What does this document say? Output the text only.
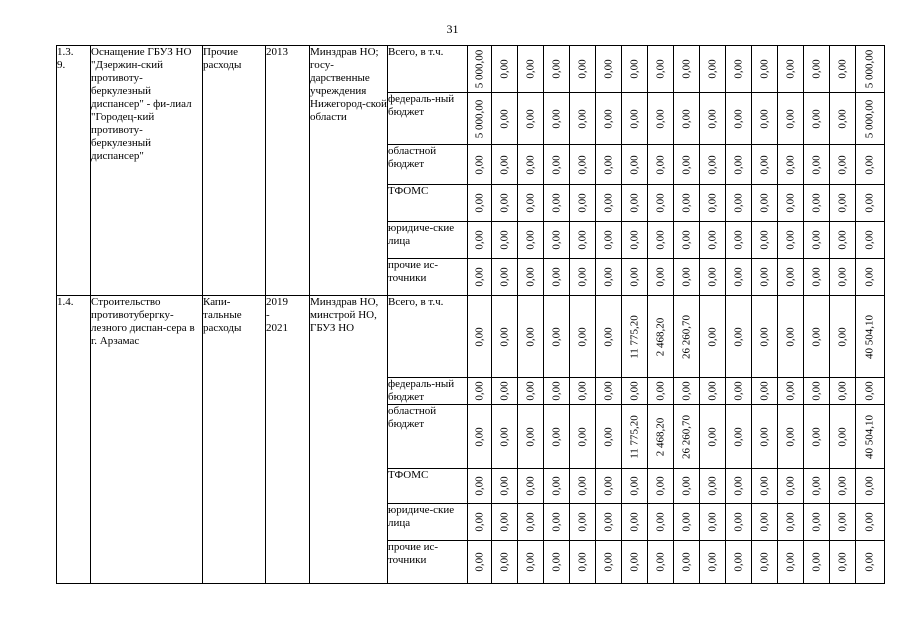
31
1.3.
9.	Оснащение ГБУЗ НО "Дзержин-ский противоту-беркулезный диспансер" - фи-лиал "Городец-кий противоту-беркулезный диспансер"	Прочие расходы	2013	Минздрав НО; госу-дарственные учреждения Нижегород-ской области	Всего, в т.ч.	5 000,00	0,00	0,00	0,00	0,00	0,00	0,00	0,00	0,00	0,00	0,00	0,00	0,00	0,00	0,00	5 000,00

					федераль-ный бюджет	5 000,00	0,00	0,00	0,00	0,00	0,00	0,00	0,00	0,00	0,00	0,00	0,00	0,00	0,00	0,00	5 000,00

					областной бюджет	0,00	0,00	0,00	0,00	0,00	0,00	0,00	0,00	0,00	0,00	0,00	0,00	0,00	0,00	0,00	0,00

					ТФОМС	0,00	0,00	0,00	0,00	0,00	0,00	0,00	0,00	0,00	0,00	0,00	0,00	0,00	0,00	0,00	0,00

					юридиче-ские лица	0,00	0,00	0,00	0,00	0,00	0,00	0,00	0,00	0,00	0,00	0,00	0,00	0,00	0,00	0,00	0,00

					прочие ис-точники	0,00	0,00	0,00	0,00	0,00	0,00	0,00	0,00	0,00	0,00	0,00	0,00	0,00	0,00	0,00	0,00

1.4.	Строительство противотубергку-лезного диспан-сера в г. Арзамас	Капи-тальные расходы	2019
-
2021	Минздрав НО, минстрой НО, ГБУЗ НО	Всего, в т.ч.	0,00	0,00	0,00	0,00	0,00	0,00	11 775,20	2 468,20	26 260,70	0,00	0,00	0,00	0,00	0,00	0,00	40 504,10

					федераль-ный бюджет	0,00	0,00	0,00	0,00	0,00	0,00	0,00	0,00	0,00	0,00	0,00	0,00	0,00	0,00	0,00	0,00

					областной бюджет	0,00	0,00	0,00	0,00	0,00	0,00	11 775,20	2 468,20	26 260,70	0,00	0,00	0,00	0,00	0,00	0,00	40 504,10

					ТФОМС	0,00	0,00	0,00	0,00	0,00	0,00	0,00	0,00	0,00	0,00	0,00	0,00	0,00	0,00	0,00	0,00

					юридиче-ские лица	0,00	0,00	0,00	0,00	0,00	0,00	0,00	0,00	0,00	0,00	0,00	0,00	0,00	0,00	0,00	0,00

					прочие ис-точники	0,00	0,00	0,00	0,00	0,00	0,00	0,00	0,00	0,00	0,00	0,00	0,00	0,00	0,00	0,00	0,00
